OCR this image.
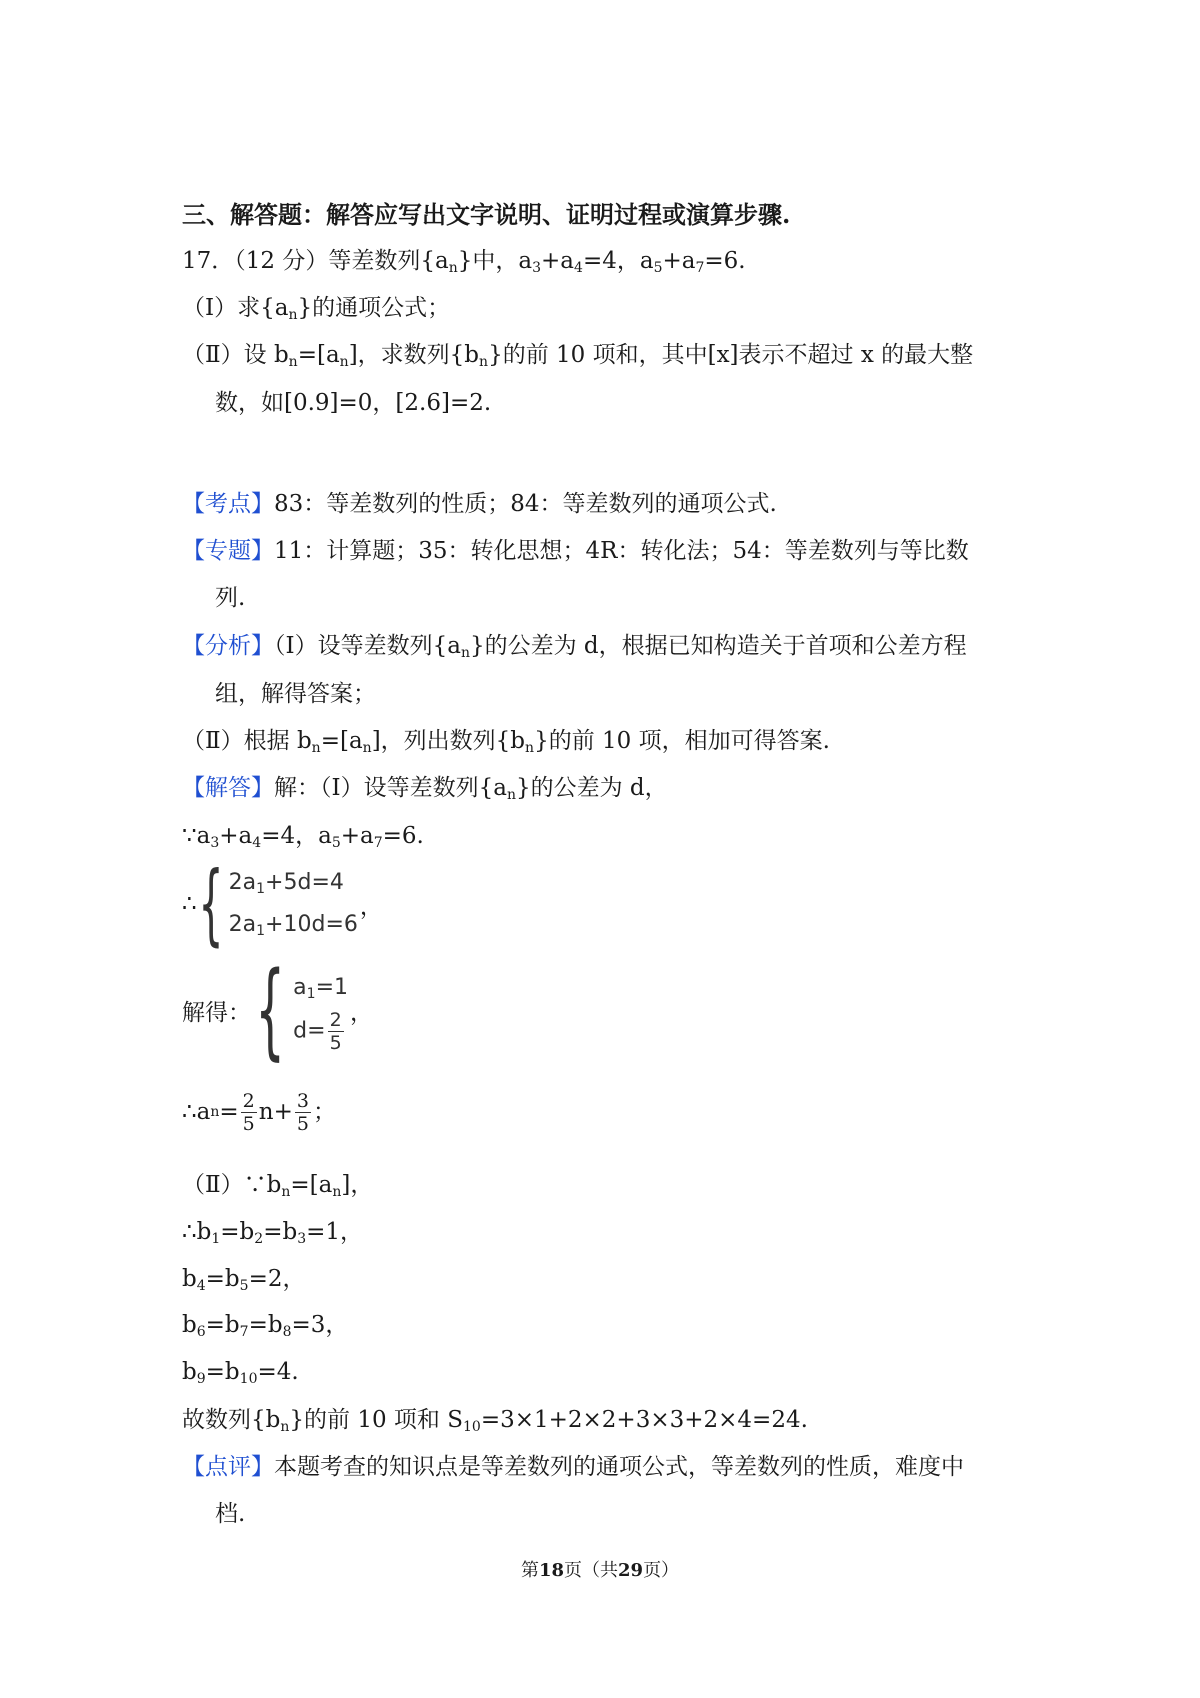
三、解答题：解答应写出文字说明、证明过程或演算步骤.
17．（12 分）等差数列$\{a_n\}$中，$a_3+a_4=4$，$a_5+a_7=6$.
（Ⅰ）求$\{a_n\}$的通项公式；
（Ⅱ）设 $b_n=[a_n]$，求数列$\{b_n\}$的前 10 项和，其中[x]表示不超过 x 的最大整
数，如[0.9]=0，[2.6]=2.
【考点】83：等差数列的性质；84：等差数列的通项公式.
【专题】11：计算题；35：转化思想；4R：转化法；54：等差数列与等比数
列.
【分析】（Ⅰ）设等差数列$\{a_n\}$的公差为 d，根据已知构造关于首项和公差方程
组，解得答案；
（Ⅱ）根据 $b_n=[a_n]$，列出数列$\{b_n\}$的前 10 项，相加可得答案.
【解答】解：（Ⅰ）设等差数列$\{a_n\}$的公差为 d，
$\because a_3+a_4=4$，$a_5+a_7=6$.
∴ { $2a_1+5d=4$
$2a_1+10d=6$
，
解得： { $a_1=1$
$d= \frac{2}{5}$ ，
∴a $n = \frac{2}{5} n+ \frac{3}{5}$ ；
$(Ⅱ)\because b_n=[a_n]$，
$\therefore b_1=b_2=b_3=1$，
$b_4=b_5=2$，
$b_6=b_7=b_8=3$，
$b_9=b_{10}=4$.
故数列$\{b_n\}$的前 10 项和 $S_{10}=3\times 1+2\times 2+3\times 3+2\times 4=24$.
【点评】本题考查的知识点是等差数列的通项公式，等差数列的性质，难度中
档.
第18页（共29页）
